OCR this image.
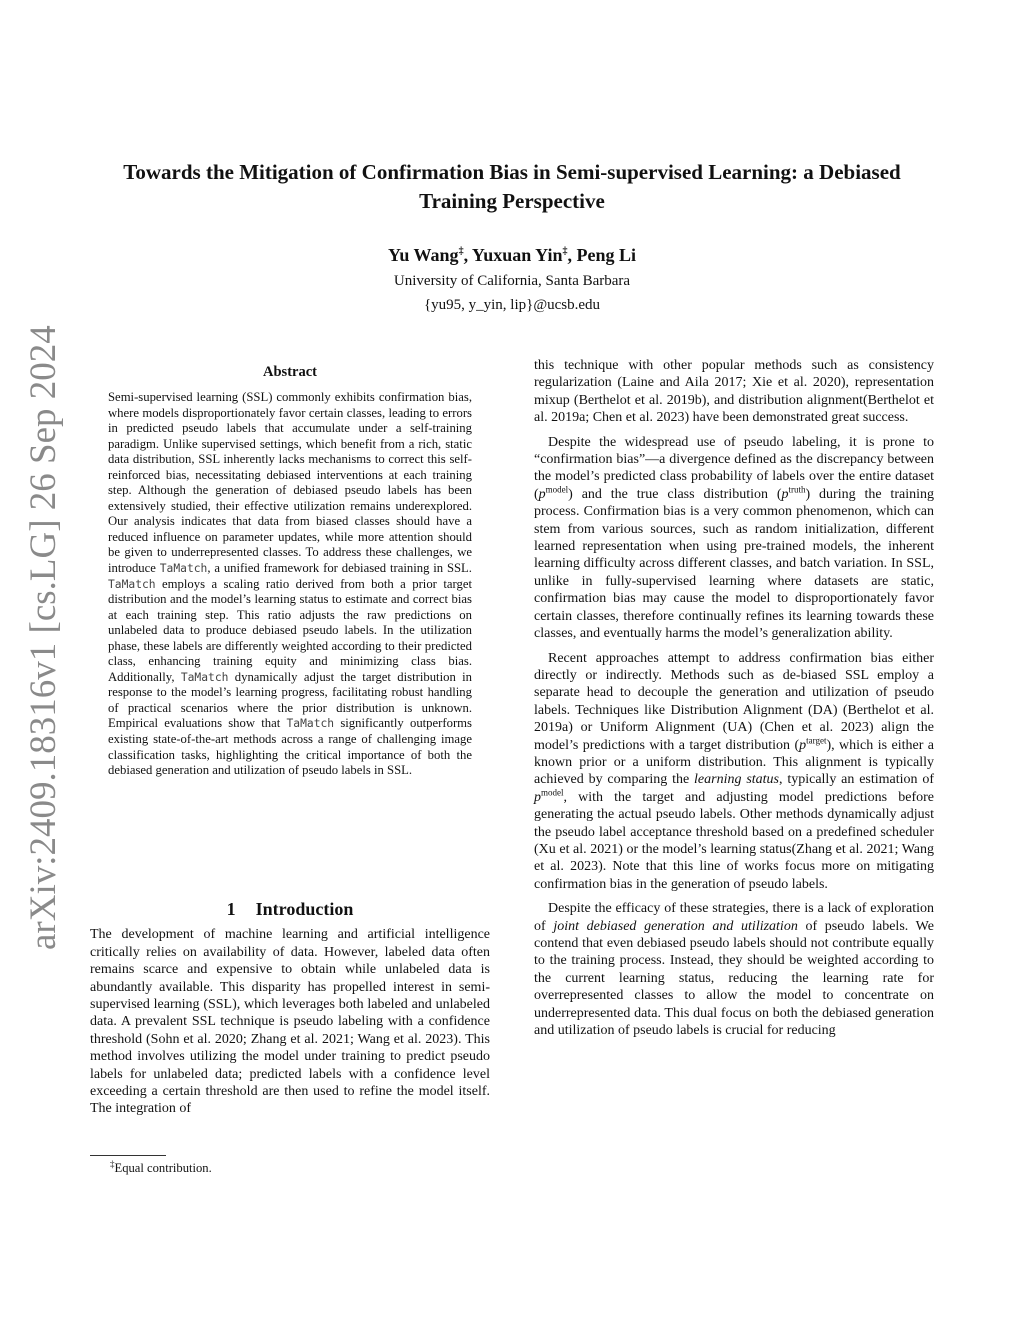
arXiv:2409.18316v1 [cs.LG] 26 Sep 2024
Towards the Mitigation of Confirmation Bias in Semi-supervised Learning: a Debiased Training Perspective
Yu Wang‡, Yuxuan Yin‡, Peng Li
University of California, Santa Barbara
{yu95, y_yin, lip}@ucsb.edu
Abstract

Semi-supervised learning (SSL) commonly exhibits confirmation bias, where models disproportionately favor certain classes, leading to errors in predicted pseudo labels that accumulate under a self-training paradigm. Unlike supervised settings, which benefit from a rich, static data distribution, SSL inherently lacks mechanisms to correct this self-reinforced bias, necessitating debiased interventions at each training step. Although the generation of debiased pseudo labels has been extensively studied, their effective utilization remains underexplored. Our analysis indicates that data from biased classes should have a reduced influence on parameter updates, while more attention should be given to underrepresented classes. To address these challenges, we introduce TaMatch, a unified framework for debiased training in SSL. TaMatch employs a scaling ratio derived from both a prior target distribution and the model’s learning status to estimate and correct bias at each training step. This ratio adjusts the raw predictions on unlabeled data to produce debiased pseudo labels. In the utilization phase, these labels are differently weighted according to their predicted class, enhancing training equity and minimizing class bias. Additionally, TaMatch dynamically adjust the target distribution in response to the model’s learning progress, facilitating robust handling of practical scenarios where the prior distribution is unknown. Empirical evaluations show that TaMatch significantly outperforms existing state-of-the-art methods across a range of challenging image classification tasks, highlighting the critical importance of both the debiased generation and utilization of pseudo labels in SSL.

1 Introduction

The development of machine learning and artificial intelligence critically relies on availability of data. However, labeled data often remains scarce and expensive to obtain while unlabeled data is abundantly available. This disparity has propelled interest in semi-supervised learning (SSL), which leverages both labeled and unlabeled data. A prevalent SSL technique is pseudo labeling with a confidence threshold (Sohn et al. 2020; Zhang et al. 2021; Wang et al. 2023). This method involves utilizing the model under training to predict pseudo labels for unlabeled data; predicted labels with a confidence level exceeding a certain threshold are then used to refine the model itself. The integration of

this technique with other popular methods such as consistency regularization (Laine and Aila 2017; Xie et al. 2020), representation mixup (Berthelot et al. 2019b), and distribution alignment(Berthelot et al. 2019a; Chen et al. 2023) have been demonstrated great success.

Despite the widespread use of pseudo labeling, it is prone to “confirmation bias”—a divergence defined as the discrepancy between the model’s predicted class probability of labels over the entire dataset $(p^{model})$ and the true class distribution $(p^{truth})$ during the training process. Confirmation bias is a very common phenomenon, which can stem from various sources, such as random initialization, different learned representation when using pre-trained models, the inherent learning difficulty across different classes, and batch variation. In SSL, unlike in fully-supervised learning where datasets are static, confirmation bias may cause the model to disproportionately favor certain classes, therefore continually refines its learning towards these classes, and eventually harms the model’s generalization ability.

Recent approaches attempt to address confirmation bias either directly or indirectly. Methods such as de-biased SSL employ a separate head to decouple the generation and utilization of pseudo labels. Techniques like Distribution Alignment (DA) (Berthelot et al. 2019a) or Uniform Alignment (UA) (Chen et al. 2023) align the model’s predictions with a target distribution $(p^{target})$, which is either a known prior or a uniform distribution. This alignment is typically achieved by comparing the learning status, typically an estimation of $p^{model}$, with the target and adjusting model predictions before generating the actual pseudo labels. Other methods dynamically adjust the pseudo label acceptance threshold based on a predefined scheduler (Xu et al. 2021) or the model’s learning status(Zhang et al. 2021; Wang et al. 2023). Note that this line of works focus more on mitigating confirmation bias in the generation of pseudo labels.

Despite the efficacy of these strategies, there is a lack of exploration of joint debiased generation and utilization of pseudo labels. We contend that even debiased pseudo labels should not contribute equally to the training process. Instead, they should be weighted according to the current learning status, reducing the learning rate for overrepresented classes to allow the model to concentrate on underrepresented data. This dual focus on both the debiased generation and utilization of pseudo labels is crucial for reducing

‡Equal contribution.
